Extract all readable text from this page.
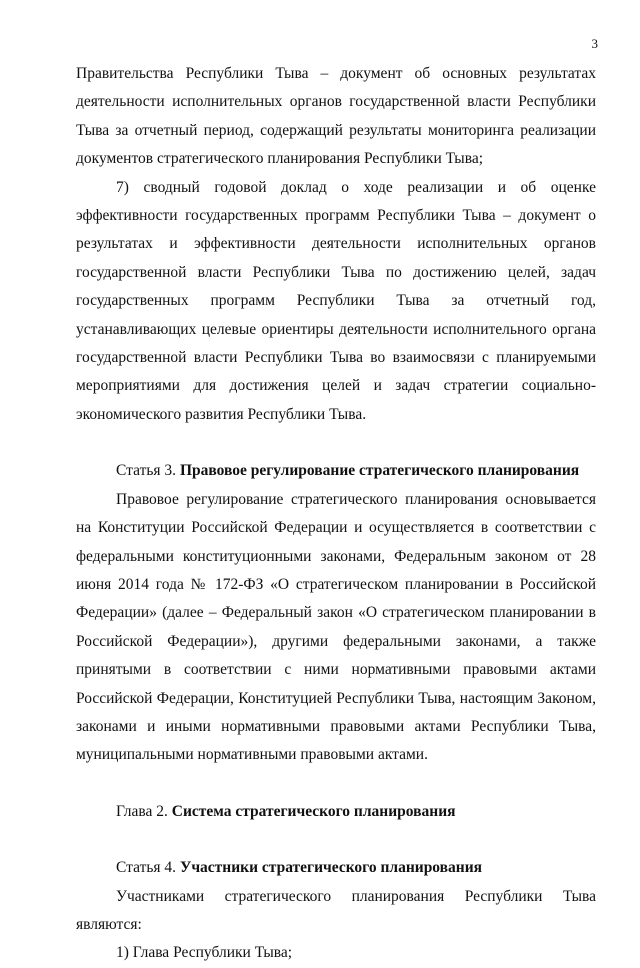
3

Правительства Республики Тыва – документ об основных результатах деятельности исполнительных органов государственной власти Республики Тыва за отчетный период, содержащий результаты мониторинга реализации документов стратегического планирования Республики Тыва;

7) сводный годовой доклад о ходе реализации и об оценке эффективности государственных программ Республики Тыва – документ о результатах и эффективности деятельности исполнительных органов государственной власти Республики Тыва по достижению целей, задач государственных программ Республики Тыва за отчетный год, устанавливающих целевые ориентиры деятельности исполнительного органа государственной власти Республики Тыва во взаимосвязи с планируемыми мероприятиями для достижения целей и задач стратегии социально-экономического развития Республики Тыва.

Статья 3. Правовое регулирование стратегического планирования

Правовое регулирование стратегического планирования основывается на Конституции Российской Федерации и осуществляется в соответствии с федеральными конституционными законами, Федеральным законом от 28 июня 2014 года № 172-ФЗ «О стратегическом планировании в Российской Федерации» (далее – Федеральный закон «О стратегическом планировании в Российской Федерации»), другими федеральными законами, а также принятыми в соответствии с ними нормативными правовыми актами Российской Федерации, Конституцией Республики Тыва, настоящим Законом, законами и иными нормативными правовыми актами Республики Тыва, муниципальными нормативными правовыми актами.

Глава 2. Система стратегического планирования

Статья 4. Участники стратегического планирования

Участниками стратегического планирования Республики Тыва являются:

1) Глава Республики Тыва;
